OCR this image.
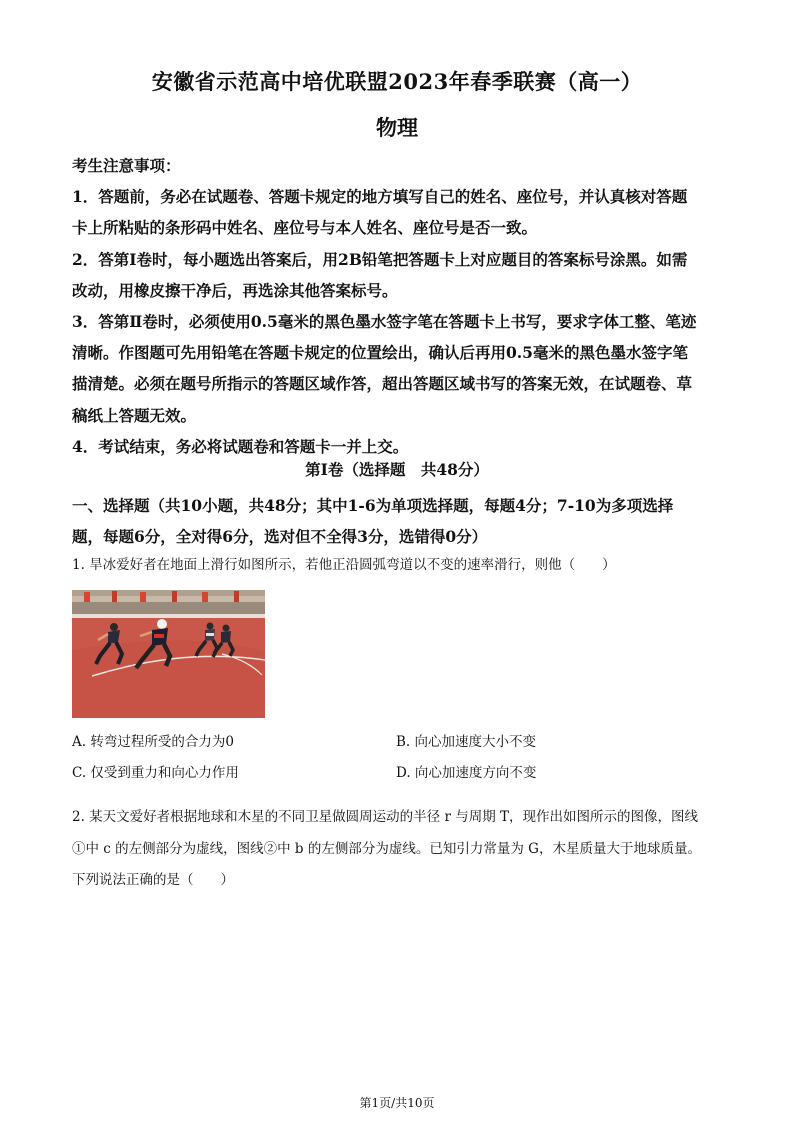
安徽省示范高中培优联盟2023年春季联赛（高一）
物理

考生注意事项：

1．答题前，务必在试题卷、答题卡规定的地方填写自己的姓名、座位号，并认真核对答题

卡上所粘贴的条形码中姓名、座位号与本人姓名、座位号是否一致。

2．答第Ⅰ卷时，每小题选出答案后，用2B铅笔把答题卡上对应题目的答案标号涂黑。如需

改动，用橡皮擦干净后，再选涂其他答案标号。

3．答第Ⅱ卷时，必须使用0.5毫米的黑色墨水签字笔在答题卡上书写，要求字体工整、笔迹

清晰。作图题可先用铅笔在答题卡规定的位置绘出，确认后再用0.5毫米的黑色墨水签字笔

描清楚。必须在题号所指示的答题区域作答，超出答题区域书写的答案无效，在试题卷、草

稿纸上答题无效。

4．考试结束，务必将试题卷和答题卡一并上交。

第Ⅰ卷（选择题　共48分）
一、选择题（共10小题，共48分；其中1-6为单项选择题，每题4分；7-10为多项选择
题，每题6分，全对得6分，选对但不全得3分，选错得0分）
1. 旱冰爱好者在地面上滑行如图所示，若他正沿圆弧弯道以不变的速率滑行，则他（　　）
A. 转弯过程所受的合力为0	B. 向心加速度大小不变
C. 仅受到重力和向心力作用	D. 向心加速度方向不变

2. 某天文爱好者根据地球和木星的不同卫星做圆周运动的半径 r 与周期 T，现作出如图所示的图像，图线

①中 c 的左侧部分为虚线，图线②中 b 的左侧部分为虚线。已知引力常量为 G，木星质量大于地球质量。

下列说法正确的是（　　）

第1页/共10页
